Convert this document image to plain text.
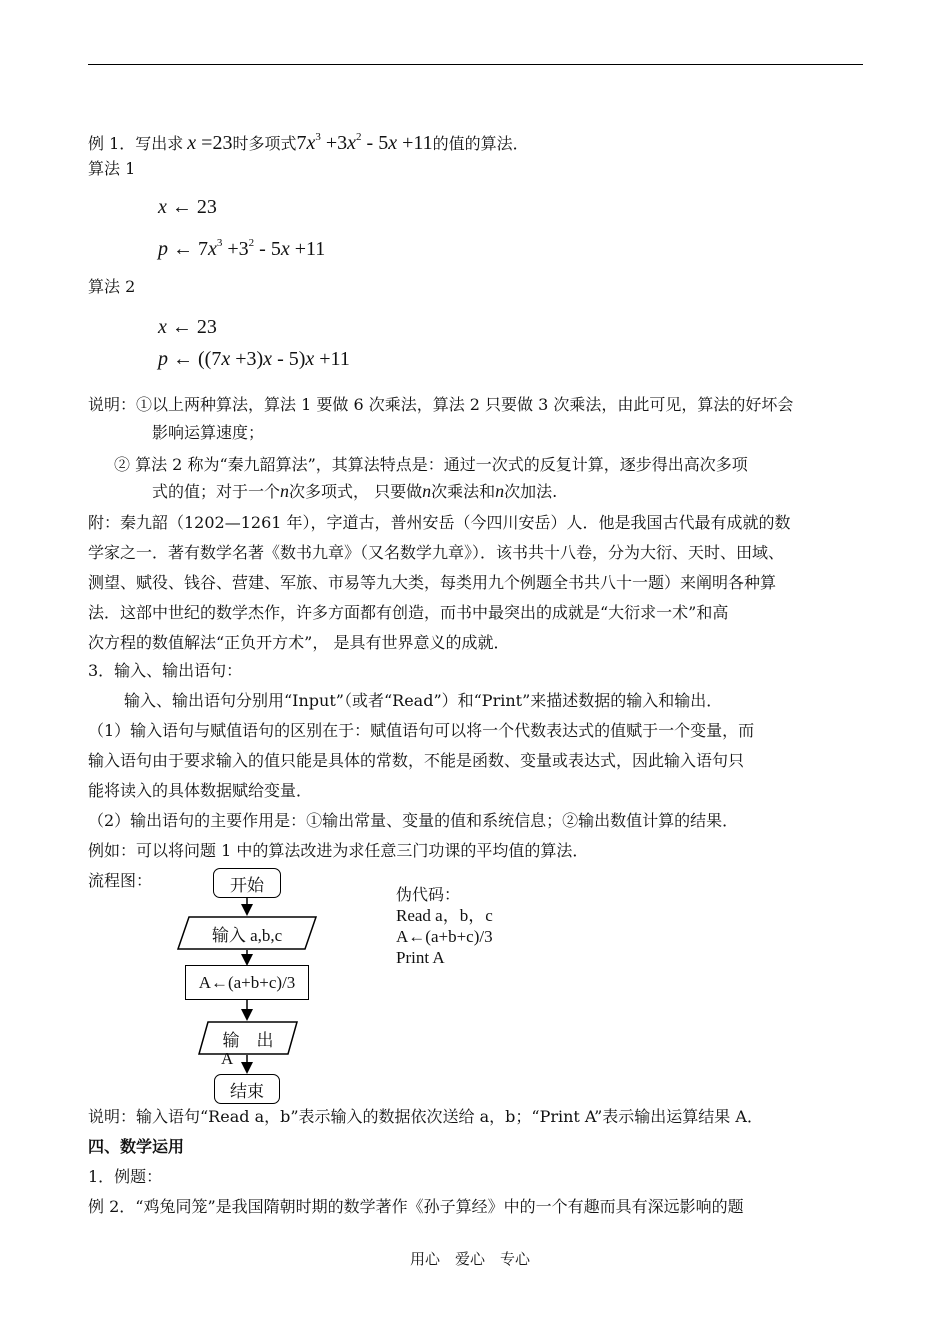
例 1．写出求 x =23时多项式$7x^3 +3x^2 - 5x +11$的值的算法．
算法 1
x ← 23
p ← $7x^3 +3^2 - 5x +11$
算法 2
x ← 23
p ← ((7x +3)x - 5)x +11
说明：①以上两种算法，算法 1 要做 6 次乘法，算法 2 只要做 3 次乘法，由此可见，算法的好坏会
影响运算速度；
② 算法 2 称为“秦九韶算法”，其算法特点是：通过一次式的反复计算，逐步得出高次多项
式的值；对于一个n次多项式， 只要做n次乘法和n次加法.
附：秦九韶（1202—1261 年），字道古，普州安岳（今四川安岳）人．他是我国古代最有成就的数
学家之一．著有数学名著《数书九章》（又名数学九章》）．该书共十八卷，分为大衍、天时、田域、
测望、赋役、钱谷、营建、军旅、市易等九大类，每类用九个例题全书共八十一题）来阐明各种算
法．这部中世纪的数学杰作，许多方面都有创造，而书中最突出的成就是“大衍求一术”和高
次方程的数值解法“正负开方术”， 是具有世界意义的成就．
3．输入、输出语句：
输入、输出语句分别用“Input”（或者“Read”）和“Print”来描述数据的输入和输出．
（1）输入语句与赋值语句的区别在于：赋值语句可以将一个代数表达式的值赋于一个变量，而
输入语句由于要求输入的值只能是具体的常数，不能是函数、变量或表达式，因此输入语句只
能将读入的具体数据赋给变量．
（2）输出语句的主要作用是：①输出常量、变量的值和系统信息；②输出数值计算的结果．
例如：可以将问题 1 中的算法改进为求任意三门功课的平均值的算法．
流程图：	开始
输入 a,b,c
A←(a+b+c)/3
输　出
A
结束
伪代码：
Read a，b，c
A←(a+b+c)/3
Print A
说明：输入语句“Read a，b”表示输入的数据依次送给 a，b；“Print A”表示输出运算结果 A．
四、数学运用
1．例题：
例 2．“鸡兔同笼”是我国隋朝时期的数学著作《孙子算经》中的一个有趣而具有深远影响的题
用心　爱心　专心
